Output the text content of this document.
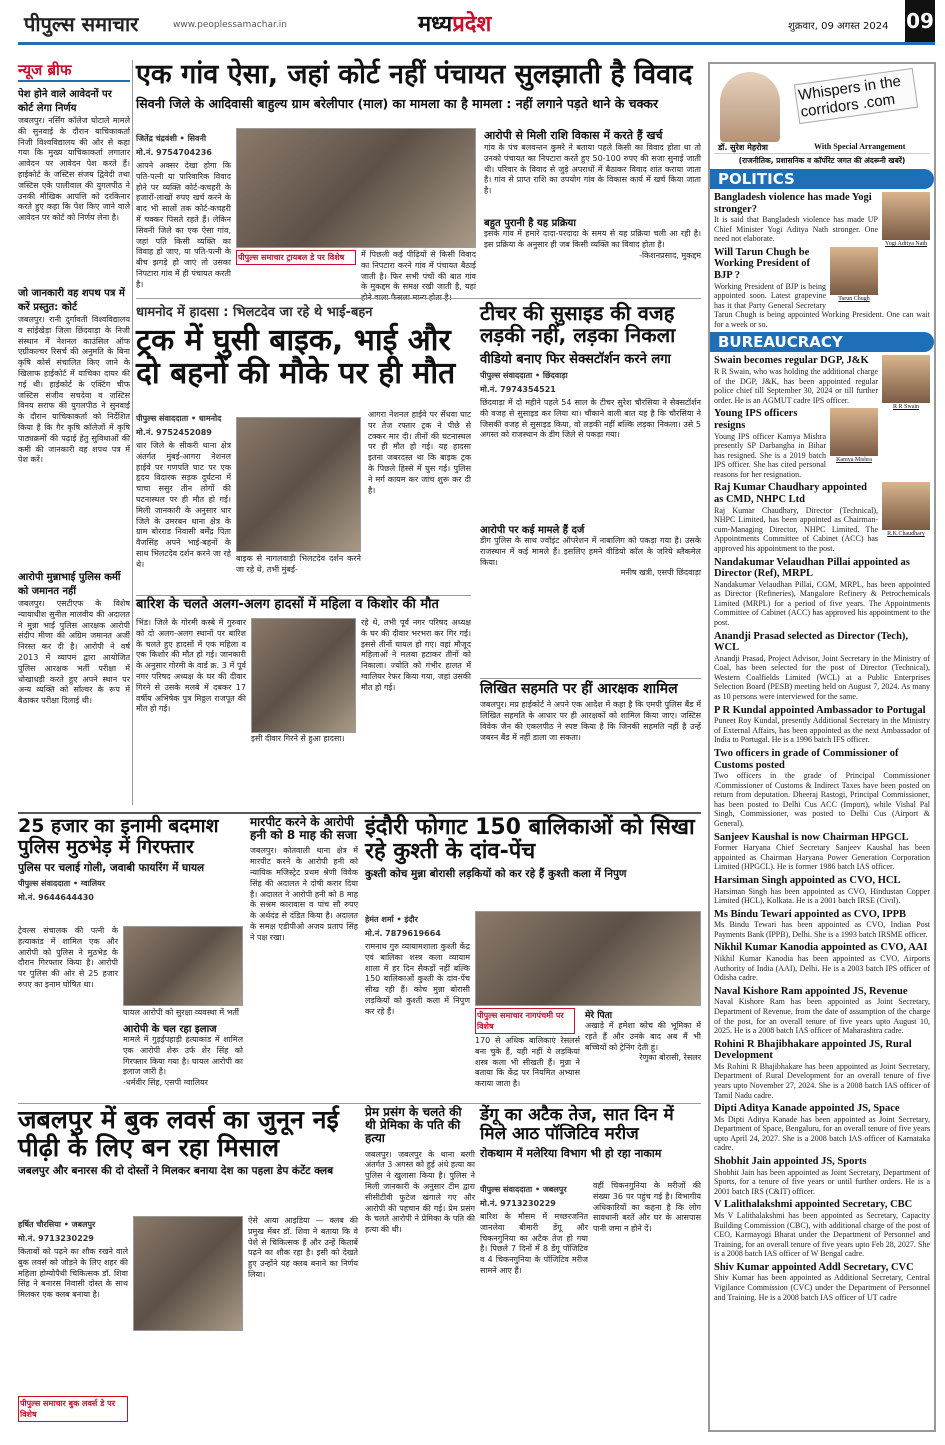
पीपुल्स समाचार	www.peoplessamachar.in	मध्यप्रदेश	शुक्रवार, 09 अगस्त 2024 09
न्यूज ब्रीफ
पेश होने वाले आवेदनों पर कोर्ट लेगा निर्णय
जबलपुर। नर्सिंग कॉलेज घोटाले मामले की सुनवाई के दौरान याचिकाकर्ता निजी विश्वविद्यालय की ओर से कहा गया कि मुख्य याचिकाकर्ता लगातार आवेदन पर आवेदन पेश करते हैं। हाईकोर्ट के जस्टिस संजय द्विवेदी तथा जस्टिस एके पालीवाल की युगलपीठ ने उनकी मौखिक आपत्ति को दरकिनार करते हुए कहा कि पेश किए जाने वाले आवेदन पर कोर्ट को निर्णय लेना है।
जो जानकारी वह शपथ पत्र में करें प्रस्तुत: कोर्ट
जबलपुर। रानी दुर्गावती विश्वविद्यालय व सांईखेड़ा जिला छिंदवाड़ा के निजी संस्थान में नेशनल काउंसिल ऑफ एग्रीकल्चर रिसर्च की अनुमति के बिना कृषि कोर्स संचालित किए जाने के खिलाफ हाईकोर्ट में याचिका दायर की गई थी। हाईकोर्ट के एक्टिंग चीफ जस्टिस संजीव सचदेवा व जस्टिस विनय सराफ की युगलपीठ ने सुनवाई के दौरान याचिकाकर्ता को निर्देशित किया है कि गैर कृषि कॉलेजों में कृषि पाठ्यक्रमों की पढ़ाई हेतु सुविधाओं की कमी की जानकारी वह शपथ पत्र में पेश करें।
आरोपी मुन्नाभाई पुलिस कर्मी को जमानत नहीं
जबलपुर। एसटीएफ के विशेष न्यायाधीश सुनील मालवीय की अदालत ने मुन्ना भाई पुलिस आरक्षक आरोपी संदीप मीणा की अग्रिम जमानत अर्जी निरस्त कर दी है। आरोपी ने वर्ष 2013 में व्यापमं द्वारा आयोजित पुलिस आरक्षक भर्ती परीक्षा में धोखाधड़ी करते हुए अपने स्थान पर अन्य व्यक्ति को सॉल्वर के रूप में बैठाकर परीक्षा दिलाई थी।
एक गांव ऐसा, जहां कोर्ट नहीं पंचायत सुलझाती है विवाद
सिवनी जिले के आदिवासी बाहुल्य ग्राम बरेलीपार (माल) का मामला का है मामला : नहीं लगाने पड़ते थाने के चक्कर
जितेंद्र चंद्रवंशी • सिवनी
मो.नं. 9754704236
आपने अक्सर देखा होगा कि पति-पत्नी या पारिवारिक विवाद होने पर व्यक्ति कोर्ट-कचहरी के हजारों-लाखों रुपए खर्च करने के बाद भी सालों तक कोर्ट-कचहरी में चक्कर पिसते रहते हैं। लेकिन सिवनी जिले का एक ऐसा गांव, जहां पति किसी व्यक्ति का विवाह हो जाए, या पति-पत्नी के बीच झगड़े हो जाएं तो उसका निपटारा गांव में ही पंचायत करती है।
पीपुल्स समाचार ट्रायबल डे पर विशेष	में पिछली कई पीढ़ियों से किसी विवाद का निपटारा करने गांव में पंचायत बैठाई जाती है। फिर सभी पंचों की बात गांव के मुकद्दम के समक्ष रखी जाती है, यहां
आरोपी से मिली राशि विकास में करते हैं खर्च
गांव के पंच बलवन्तन कुमरे ने बताया पहले किसी का विवाद होता था तो उनको पंचायत का निपटारा करते हुए 50-100 रुपए की सजा सुनाई जाती थी। परिवार के विवाद से जुड़े अपराधों में बैठाकर विवाद शांत कराया जाता है। गांव से प्राप्त राशि का उपयोग गांव के विकास कार्य में खर्च किया जाता है।
बहुत पुरानी है यह प्रक्रिया
इसके गांव में हमारे दादा-परदादा के समय से यह प्रक्रिया चली आ रही है। इस प्रक्रिया के अनुसार ही जब किसी व्यक्ति का विवाद होता है।
-किशनप्रसाद, मुकद्दम
धामनोद में हादसा : भिलटदेव जा रहे थे भाई-बहन
ट्रक में घुसी बाइक, भाई और दो बहनों की मौके पर ही मौत
पीपुल्स संवाददाता • धामनोद
मो.नं. 9752452089
धार जिले के सीकरी थाना क्षेत्र अंतर्गत मुंबई-आगरा नेशनल हाईवे पर गणपति घाट पर एक हृदय विदारक सड़क दुर्घटना में चाचा ससुर तीन लोगों की घटनास्थल पर ही मौत हो गई। मिली जानकारी के अनुसार धार जिले के उमरबन थाना क्षेत्र के ग्राम बोरराड निवासी बर्मेंद्र पिता वैजसिंह अपने भाई-बहनों के साथ भिलटदेव दर्शन करने जा रहे थे।
बाइक से नागलवाड़ी भिलटदेव दर्शन करने जा रहे थे, तभी मुंबई-
आगरा नेशनल हाईवे पर सेंधवा घाट पर तेज रफ्तार ट्रक ने पीछे से टक्कर मार दी। तीनों की घटनास्थल पर ही मौत हो गई। यह हादसा इतना जबरदस्त था कि बाइक ट्रक के पिछले हिस्से में घुस गई। पुलिस ने मर्ग कायम कर जांच शुरू कर दी है।
टीचर की सुसाइड की वजह लड़की नहीं, लड़का निकला
वीडियो बनाए फिर सेक्सटॉर्शन करने लगा
पीपुल्स संवाददाता • छिंदवाड़ा
मो.नं. 7974354521
छिंदवाड़ा में दो महीने पहले 54 साल के टीचर सुरेश चौरसिया ने सेक्सटॉर्शन की वजह से सुसाइड कर लिया था। चौंकाने वाली बात यह है कि चौरसिया ने जिसकी वजह से सुसाइड किया, वो लड़की नहीं बल्कि लड़का निकला। उसे 5 अगस्त को राजस्थान के डीग जिले से पकड़ा गया।
आरोपी पर कई मामले हैं दर्ज
डीग पुलिस के साथ ज्वॉइंट ऑपरेशन में नाबालिग को पकड़ा गया है। उसके राजस्थान में कई मामले हैं। इसलिए हमने वीडियो कॉल के जरिये ब्लैकमेल किया।
मनीष खत्री, एसपी छिंदवाड़ा
बारिश के चलते अलग-अलग हादसों में महिला व किशोर की मौत
भिंड। जिले के गोरमी कस्बे में गुरुवार को दो अलग-अलग स्थानों पर बारिश के चलते हुए हादसों में एक महिला व एक किशोर की मौत हो गई। जानकारी के अनुसार गोरमी के वार्ड क्र. 3 में पूर्व नगर परिषद अध्यक्ष के घर की दीवार गिरने से उसके मलबे में दबकर 17 वर्षीय अभिषेक पुत्र मिठ्ठल राजपूत की मौत हो गई।
इसी दीवार गिरने से हुआ हादसा।
रहे थे, तभी पूर्व नगर परिषद अध्यक्ष के घर की दीवार भरभरा कर गिर गई। इससे तीनों घायल हो गए। वहां मौजूद महिलाओं ने मलबा हटाकर तीनों को निकाला। ज्योति को गंभीर हालत में ग्वालियर रेफर किया गया, जहां उसकी मौत हो गई।	लिखित सहमति पर हीं आरक्षक शामिल
जबलपुर। मप्र हाईकोर्ट ने अपने एक आदेश में कहा है कि एमपी पुलिस बैंड में लिखित सहमति के आधार पर ही आरक्षकों को शामिल किया जाए। जस्टिस विवेक जैन की एकलपीठ ने स्पष्ट किया है कि जिनकी सहमति नहीं है उन्हें जबरन बैंड में नहीं डाला जा सकता।
25 हजार का इनामी बदमाश पुलिस मुठभेड़ में गिरफ्तार
पुलिस पर चलाई गोली, जवाबी फायरिंग में घायल
पीपुल्स संवाददाता • ग्वालियर
मो.नं. 9644644430
ट्रेवल्स संचालक की पत्नी के हत्याकांड में शामिल एक और आरोपी को पुलिस ने मुठभेड़ के दौरान गिरफ्तार किया है। आरोपी पर पुलिस की ओर से 25 हजार रुपए का इनाम घोषित था।
घायल आरोपी को सुरक्षा व्यवस्था में भर्ती
आरोपी के चल रहा इलाज
मामले में गुड़ईपहाड़ी हत्याकांड में शामिल एक आरोपी शेरू उर्फ शेर सिंह को गिरफ्तार किया गया है। घायल आरोपी का इलाज जारी है।
-धर्मवीर सिंह, एसपी ग्वालियर
मारपीट करने के आरोपी हनी को 8 माह की सजा
जबलपुर। कोतवाली थाना क्षेत्र में मारपीट करने के आरोपी हनी को न्यायिक मजिस्ट्रेट प्रथम श्रेणी विवेक सिंह की अदालत ने दोषी करार दिया है। अदालत ने आरोपी हनी को 8 माह के सश्रम कारावास व पांच सौ रुपए के अर्थदंड से दंडित किया है। अदालत के समक्ष एडीपीओ अजय प्रताप सिंह ने पक्ष रखा।
इंदौरी फोगाट 150 बालिकाओं को सिखा रहे कुश्ती के दांव-पेंच
कुश्ती कोच मुन्ना बोरासी लड़कियों को कर रहे हैं कुश्ती कला में निपुण
हेमंत शर्मा • इंदौर
मो.नं. 7879619664
रामनाथ गुरु व्यायामशाला कुश्ती केंद्र एवं बालिका शस्त्र कला व्यायाम शाला में हर दिन सैकड़ों नहीं बल्कि 150 बालिकाओं कुश्ती के दांव-पेंच सीख रही हैं। कोच मुन्ना बोरासी लड़कियों को कुश्ती कला में निपुण कर रहे हैं।	पीपुल्स समाचार नागपंचमी पर विशेष
170 से अधिक बालिकाएं रेसलर्स बना चुके हैं, यही नहीं ये लड़कियां शस्त्र कला भी सीखती हैं। मुन्ना ने बताया कि केंद्र पर नियमित अभ्यास कराया जाता है।
मेरे पिता
अखाड़े में हमेशा कोच की भूमिका में रहते हैं और उनके बाद अब मैं भी बच्चियों को ट्रेनिंग देती हूं।
रेणुका बोरासी, रेसलर
जबलपुर में बुक लवर्स का जुनून नई पीढ़ी के लिए बन रहा मिसाल
जबलपुर और बनारस की दो दोस्तों ने मिलकर बनाया देश का पहला डेप कंटेंट क्लब
हर्षित चौरसिया • जबलपुर
मो.नं. 9713230229
किताबों को पढ़ने का शौक रखने वाले बुक लवर्स को जोड़ने के लिए शहर की महिला होम्योपैथी चिकित्सक डॉ. शिवा सिंह ने बनारस निवासी दोस्त के साथ मिलकर एक क्लब बनाया है।
पीपुल्स समाचार बुक लवर्स डे पर विशेष
ऐसे आया आइडिया — क्लब की प्रमुख मेंबर डॉ. शिवा ने बताया कि वे पेशे से चिकित्सक हैं और उन्हें किताबें पढ़ने का शौक रहा है। इसी को देखते हुए उन्होंने यह क्लब बनाने का निर्णय लिया।
प्रेम प्रसंग के चलते की थी प्रेमिका के पति की हत्या
जबलपुर। जबलपुर के थाना बरगी अंतर्गत 3 अगस्त को हुई अंधे हत्या का पुलिस ने खुलासा किया है। पुलिस ने मिली जानकारी के अनुसार टीम द्वारा सीसीटीवी फुटेज खंगाले गए और आरोपी की पहचान की गई। प्रेम प्रसंग के चलते आरोपी ने प्रेमिका के पति की हत्या की थी।
डेंगू का अटैक तेज, सात दिन में मिले आठ पॉजिटिव मरीज
रोकथाम में मलेरिया विभाग भी हो रहा नाकाम
पीपुल्स संवाददाता • जबलपुर
मो.नं. 9713230229
बारिश के मौसम में मच्छरजनित जानलेवा बीमारी डेंगू और चिकनगुनिया का अटैक तेज हो गया है। पिछले 7 दिनों में 8 डेंगू पॉजिटिव व 4 चिकनगुनिया के पॉजिटिव मरीज सामने आए हैं।
वहीं चिकनगुनिया के मरीजों की संख्या 36 पर पहुंच गई है। विभागीय अधिकारियों का कहना है कि लोग सावधानी बरतें और घर के आसपास पानी जमा न होने दें।
Whispers in the corridors .com
डॉ. सुरेश मेहरोत्रा	With Special Arrangement
(राजनीतिक, प्रशासनिक व कॉर्पोरेट जगत की अंदरूनी खबरें)
POLITICS
Yogi Aditya Nath
Bangladesh violence has made Yogi stronger?
It is said that Bangladesh violence has made UP Chief Minister Yogi Aditya Nath stronger. One need not elaborate.
Tarun Chugh
Will Tarun Chugh be Working President of BJP ?
Working President of BJP is being appointed soon. Latest grapevine has it that Party General Secretary Tarun Chugh is being appointed Working President. One can wait for a week or so.
BUREAUCRACY
R R Swain
Swain becomes regular DGP, J&K
R R Swain, who was holding the additional charge of the DGP, J&K, has been appointed regular police chief till September 30, 2024 or till further order. He is an AGMUT cadre IPS officer.
Kamya Mishra
Young IPS officers resigns
Young IPS officer Kamya Mishra presently SP Darbangha in Bihar has resigned. She is a 2019 batch IPS officer. She has cited personal reasons for her resignation.
R.K.Chaudhary
Raj Kumar Chaudhary appointed as CMD, NHPC Ltd
Raj Kumar Chaudhary, Director (Technical), NHPC Limited, has been appointed as Chairman-cum-Managing Director, NHPC Limited. The Appointments Committee of Cabinet (ACC) has approved his appointment to the post.
Nandakumar Velaudhan Pillai appointed as Director (Ref), MRPL
Nandakumar Velaudhan Pillai, CGM, MRPL, has been appointed as Director (Refineries), Mangalore Refinery & Petrochemicals Limited (MRPL) for a period of five years. The Appointments Committee of Cabinet (ACC) has approved his appointment to the post.
Anandji Prasad selected as Director (Tech), WCL
Anandji Prasad, Project Advisor, Joint Secretary in the Ministry of Coal, has been selected for the post of Director (Technical), Western Coalfields Limited (WCL) at a Public Enterprises Selection Board (PESB) meeting held on August 7, 2024. As many as 10 persons were interviewed for the same.
P R Kundal appointed Ambassador to Portugal
Puneet Roy Kundal, presently Additional Secretary in the Ministry of External Affairs, has been appointed as the next Ambassador of India to Portugal. He is a 1996 batch IFS officer.
Two officers in grade of Commissioner of Customs posted
Two officers in the grade of Principal Commissioner /Commissioner of Customs & Indirect Taxes have been posted on return from deputation. Dheeraj Rastogi, Principal Commissioner, has been posted to Delhi Cus ACC (Import), while Vishal Pal Singh, Commissioner, was posted to Delhi Cus (Airport & General).
Sanjeev Kaushal is now Chairman HPGCL
Former Haryana Chief Secretary Sanjeev Kaushal has been appointed as Chairman Haryana Power Generation Corporation Limited (HPGCL). He is former 1986 batch IAS officer.
Harsiman Singh appointed as CVO, HCL
Harsiman Singh has been appointed as CVO, Hindustan Copper Limited (HCL), Kolkata. He is a 2001 batch IRSE (Civil).
Ms Bindu Tewari appointed as CVO, IPPB
Ms Bindu Tewari has been appointed as CVO, Indian Post Payments Bank (IPPB), Delhi. She is a 1993 batch IRSME officer.
Nikhil Kumar Kanodia appointed as CVO, AAI
Nikhil Kumar Kanodia has been appointed as CVO, Airports Authority of India (AAI), Delhi. He is a 2003 batch IPS officer of Odisha cadre.
Naval Kishore Ram appointed JS, Revenue
Naval Kishore Ram has been appointed as Joint Secretary, Department of Revenue, from the date of assumption of the charge of the post, for an overall tenure of five years upto August 10, 2025. He is a 2008 batch IAS officer of Maharashtra cadre.
Rohini R Bhajibhakare appointed JS, Rural Development
Ms Rohini R Bhajibhakare has been appointed as Joint Secretary, Department of Rural Development for an overall tenure of five years upto November 27, 2024. She is a 2008 batch IAS officer of Tamil Nadu cadre.
Dipti Aditya Kanade appointed JS, Space
Ms Dipti Aditya Kanade has been appointed as Joint Secretary, Department of Space, Bengaluru, for an overall tenure of five years upto April 24, 2027. She is a 2008 batch IAS officer of Karnataka cadre.
Shobhit Jain appointed JS, Sports
Shobhit Jain has been appointed as Joint Secretary, Department of Sports, for a tenure of five years or until further orders. He is a 2001 batch IRS (C&IT) officer.
V Lalithalakshmi appointed Secretary, CBC
Ms V Lalithalakshmi has been appointed as Secretary, Capacity Building Commission (CBC), with additional charge of the post of CEO, Karmayogi Bharat under the Department of Personnel and Training, for an overall tenure of five years upto Feb 28, 2027. She is a 2008 batch IAS officer of W Bengal cadre.
Shiv Kumar appointed Addl Secretary, CVC
Shiv Kumar has been appointed as Additional Secretary, Central Vigilance Commission (CVC) under the Department of Personnel and Training. He is a 2008 batch IAS officer of UT cadre
